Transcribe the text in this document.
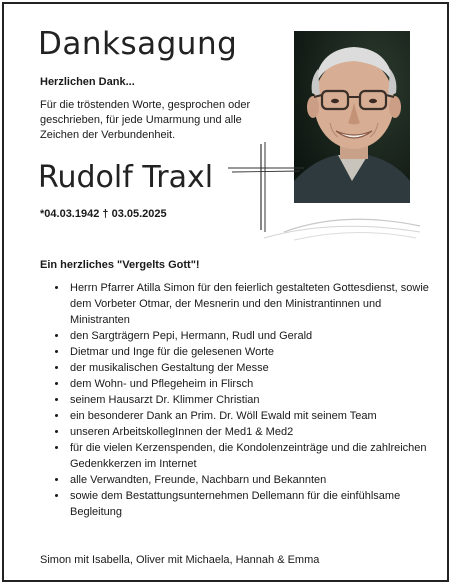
Danksagung

Herzlichen Dank...

Für die tröstenden Worte, gesprochen oder geschrieben, für jede Umarmung und alle Zeichen der Verbundenheit.

Rudolf Traxl
*04.03.1942 † 03.05.2025

Ein herzliches "Vergelts Gott"!

• Herrn Pfarrer Atilla Simon für den feierlich gestalteten Gottesdienst, sowie dem Vorbeter Otmar, der Mesnerin und den Ministrantinnen und Ministranten
• den Sargträgern Pepi, Hermann, Rudl und Gerald
• Dietmar und Inge für die gelesenen Worte
• der musikalischen Gestaltung der Messe
• dem Wohn- und Pflegeheim in Flirsch
• seinem Hausarzt Dr. Klimmer Christian
• ein besonderer Dank an Prim. Dr. Wöll Ewald mit seinem Team
• unseren ArbeitskollegInnen der Med1 & Med2
• für die vielen Kerzenspenden, die Kondolenzeinträge und die zahlreichen Gedenkkerzen im Internet
• alle Verwandten, Freunde, Nachbarn und Bekannten
• sowie dem Bestattungsunternehmen Dellemann für die einfühlsame Begleitung

Simon mit Isabella, Oliver mit Michaela, Hannah & Emma
